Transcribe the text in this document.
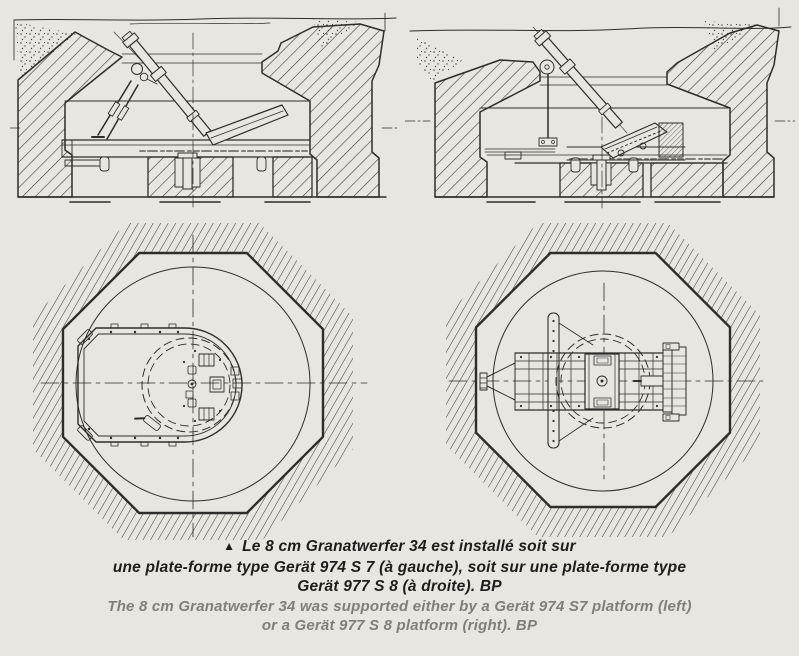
▲ Le 8 cm Granatwerfer 34 est installé soit sur

une plate-forme type Gerät 974 S 7 (à gauche), soit sur une plate-forme type

Gerät 977 S 8 (à droite). BP

The 8 cm Granatwerfer 34 was supported either by a Gerät 974 S7 platform (left)

or a Gerät 977 S 8 platform (right). BP
